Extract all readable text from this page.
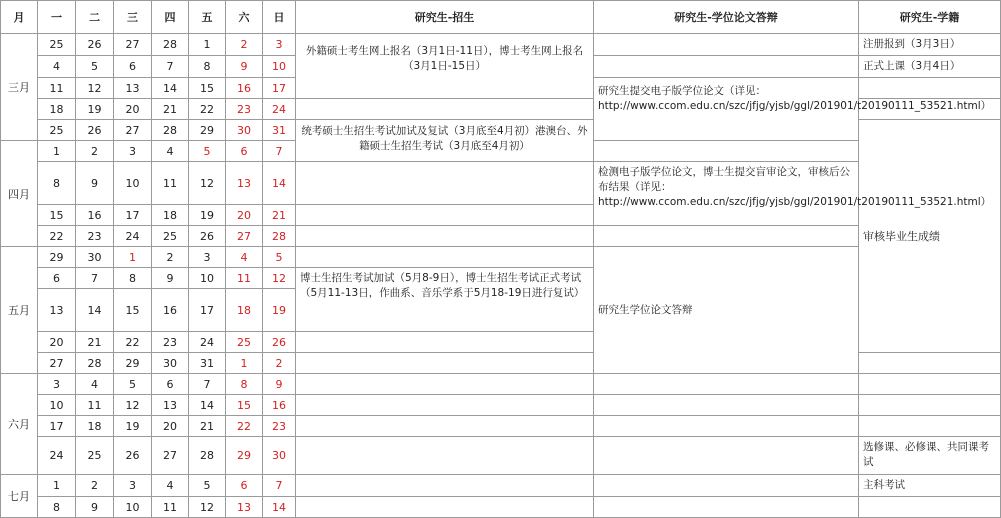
月	一	二	三	四	五	六	日	研究生-招生	研究生-学位论文答辩	研究生-学籍	
三月	25	26	27	28	1	2	3	外籍硕士考生网上报名（3月1日-11日），博士考生网上报名（3月1日-15日）		注册报到（3月3日）	
	4	5	6	7	8	9	10			正式上课（3月4日）	
	11	12	13	14	15	16	17		研究生提交电子版学位论文（详见：http://www.ccom.edu.cn/szc/jfjg/yjsb/ggl/201901/t20190111_53521.html）		
	18	19	20	21	22	23	24				
	25	26	27	28	29	30	31	统考硕士生招生考试加试及复试（3月底至4月初）港澳台、外籍硕士生招生考试（3月底至4月初）		审核毕业生成绩	
四月	1	2	3	4	5	6	7				
	8	9	10	11	12	13	14		检测电子版学位论文，博士生提交盲审论文，审核后公布结果（详见：http://www.ccom.edu.cn/szc/jfjg/yjsb/ggl/201901/t20190111_53521.html）		
	15	16	17	18	19	20	21				
	22	23	24	25	26	27	28				
五月	29	30	1	2	3	4	5		研究生学位论文答辩		
	6	7	8	9	10	11	12	博士生招生考试加试（5月8-9日），博士生招生考试正式考试（5月11-13日，作曲系、音乐学系于5月18-19日进行复试）			
	13	14	15	16	17	18	19				
	20	21	22	23	24	25	26				
	27	28	29	30	31	1	2				
六月	3	4	5	6	7	8	9				
	10	11	12	13	14	15	16				
	17	18	19	20	21	22	23				
	24	25	26	27	28	29	30			选修课、必修课、共同课考试	
七月	1	2	3	4	5	6	7			主科考试	
	8	9	10	11	12	13	14				
